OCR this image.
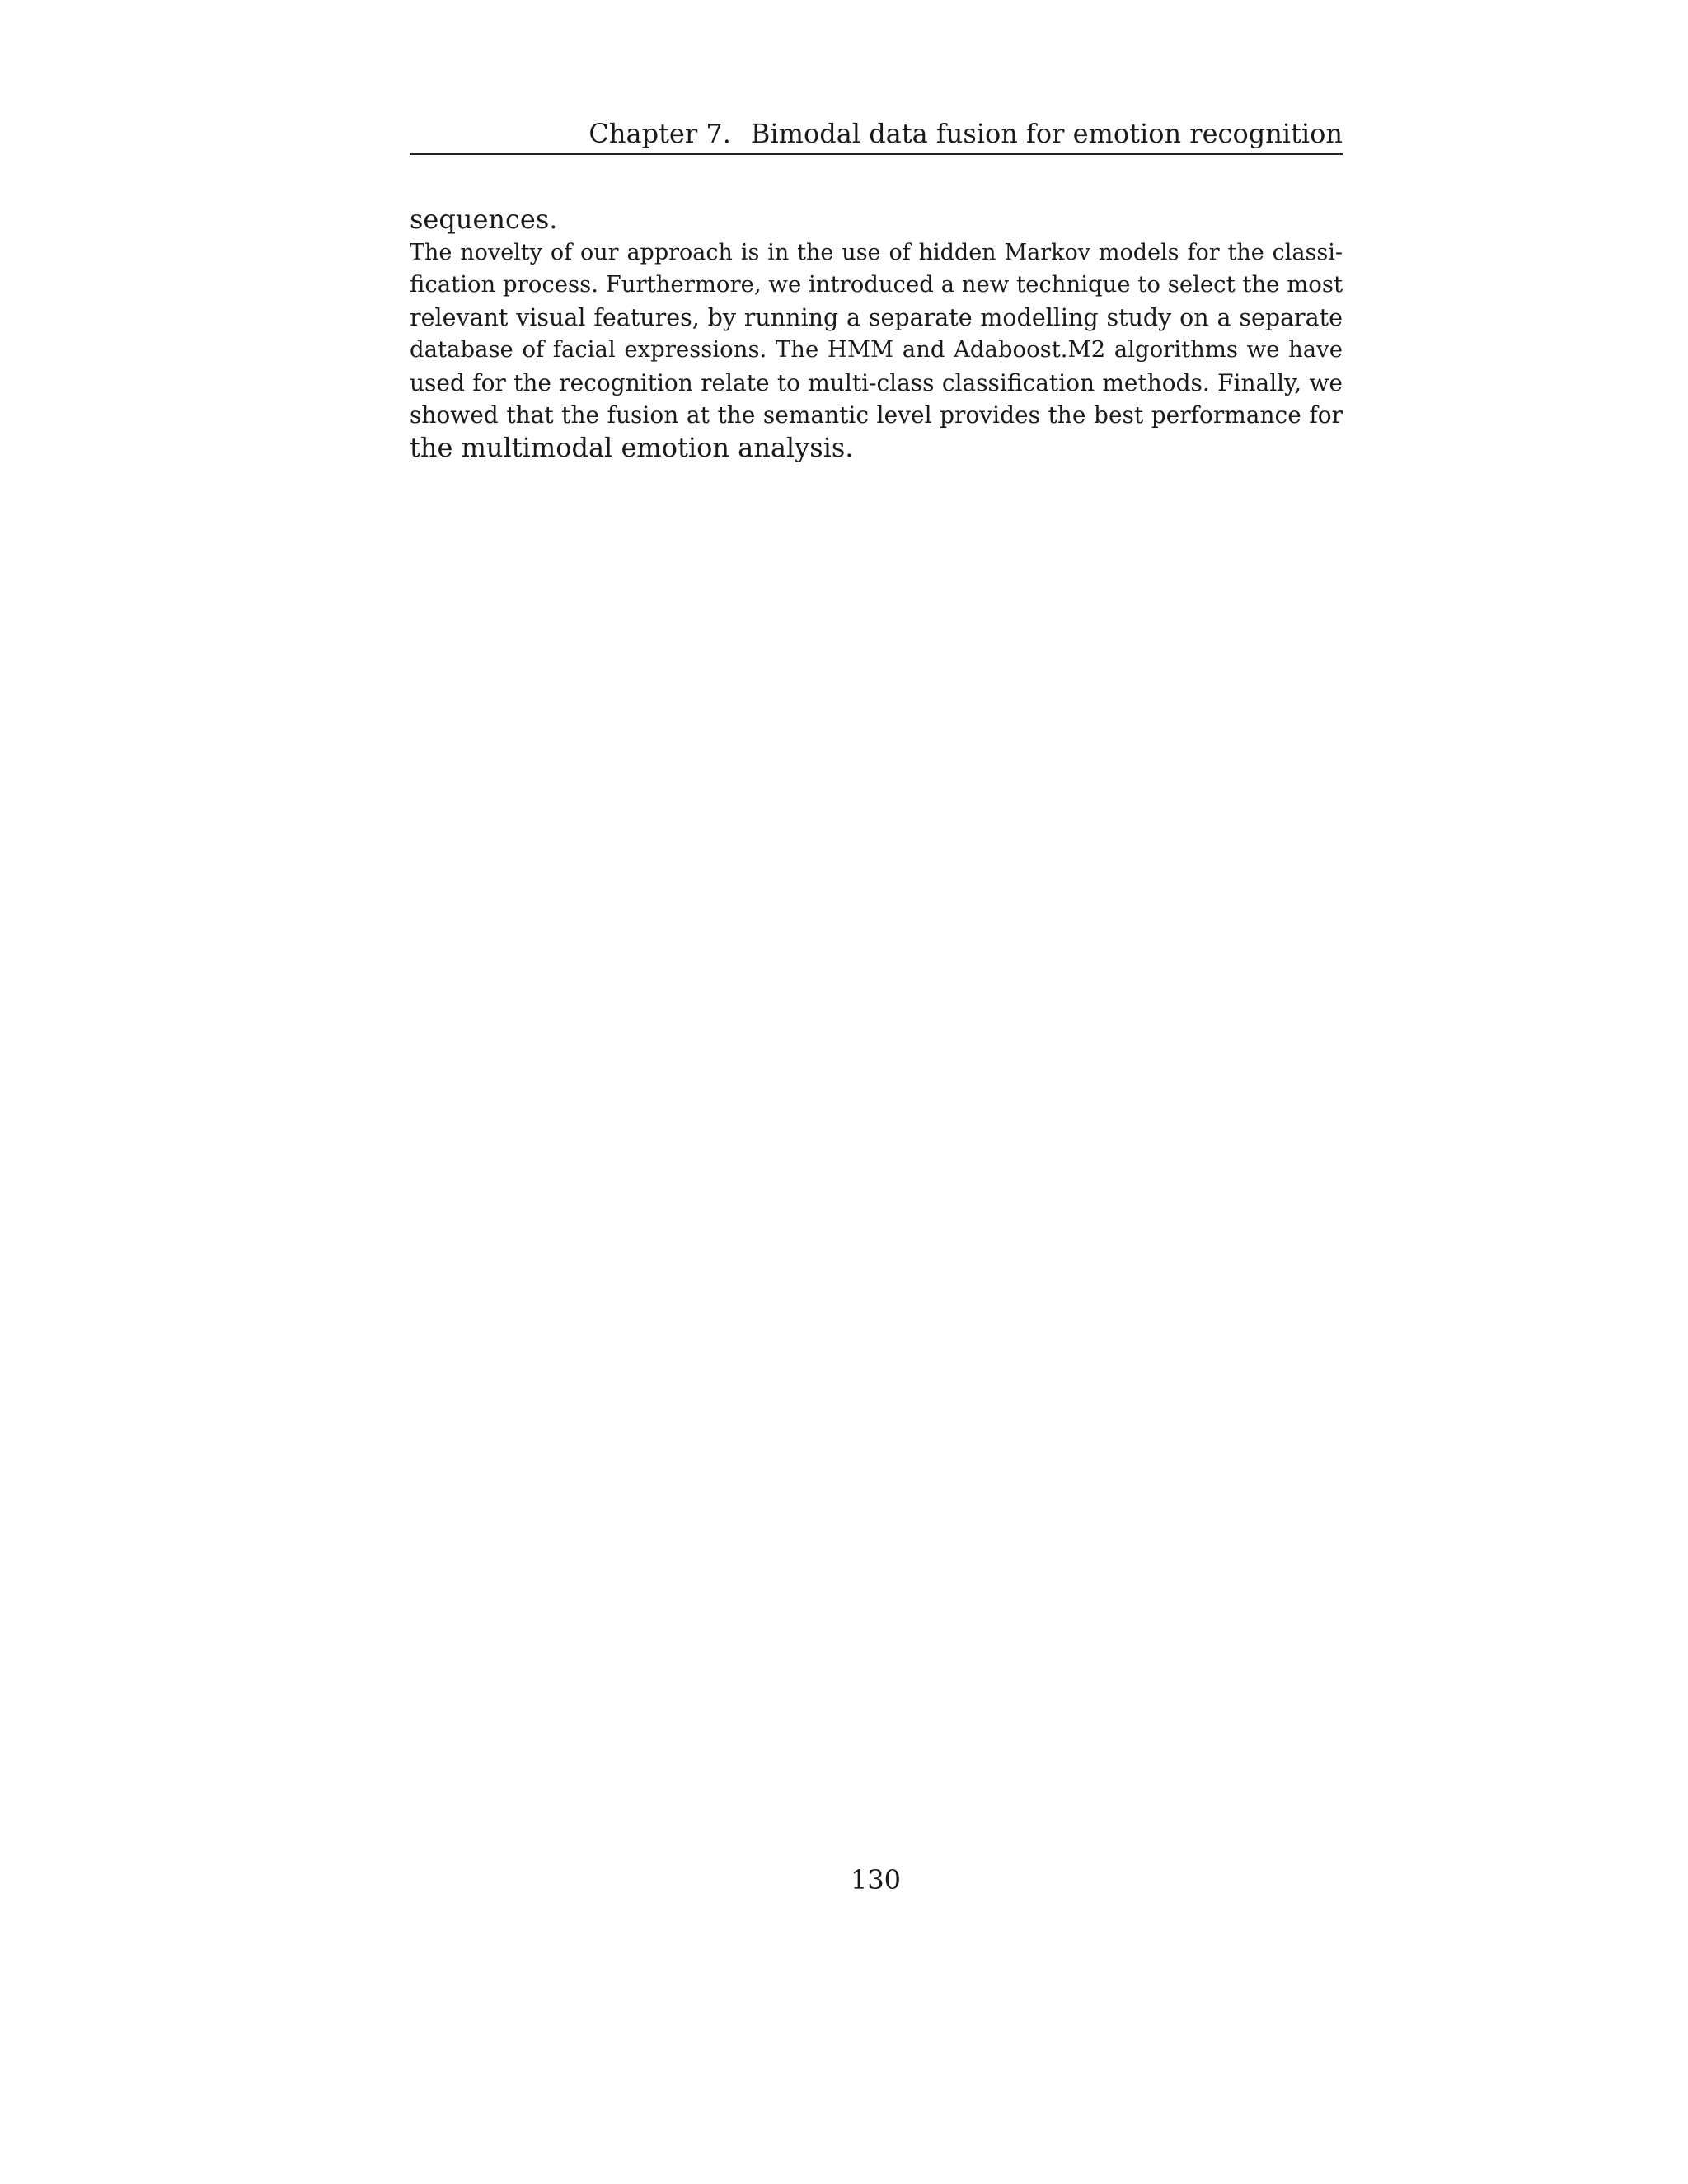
Chapter 7. Bimodal data fusion for emotion recognition
sequences.
The novelty of our approach is in the use of hidden Markov models for the classi-
fication process. Furthermore, we introduced a new technique to select the most
relevant visual features, by running a separate modelling study on a separate
database of facial expressions. The HMM and Adaboost.M2 algorithms we have
used for the recognition relate to multi-class classification methods. Finally, we
showed that the fusion at the semantic level provides the best performance for
the multimodal emotion analysis.
130
